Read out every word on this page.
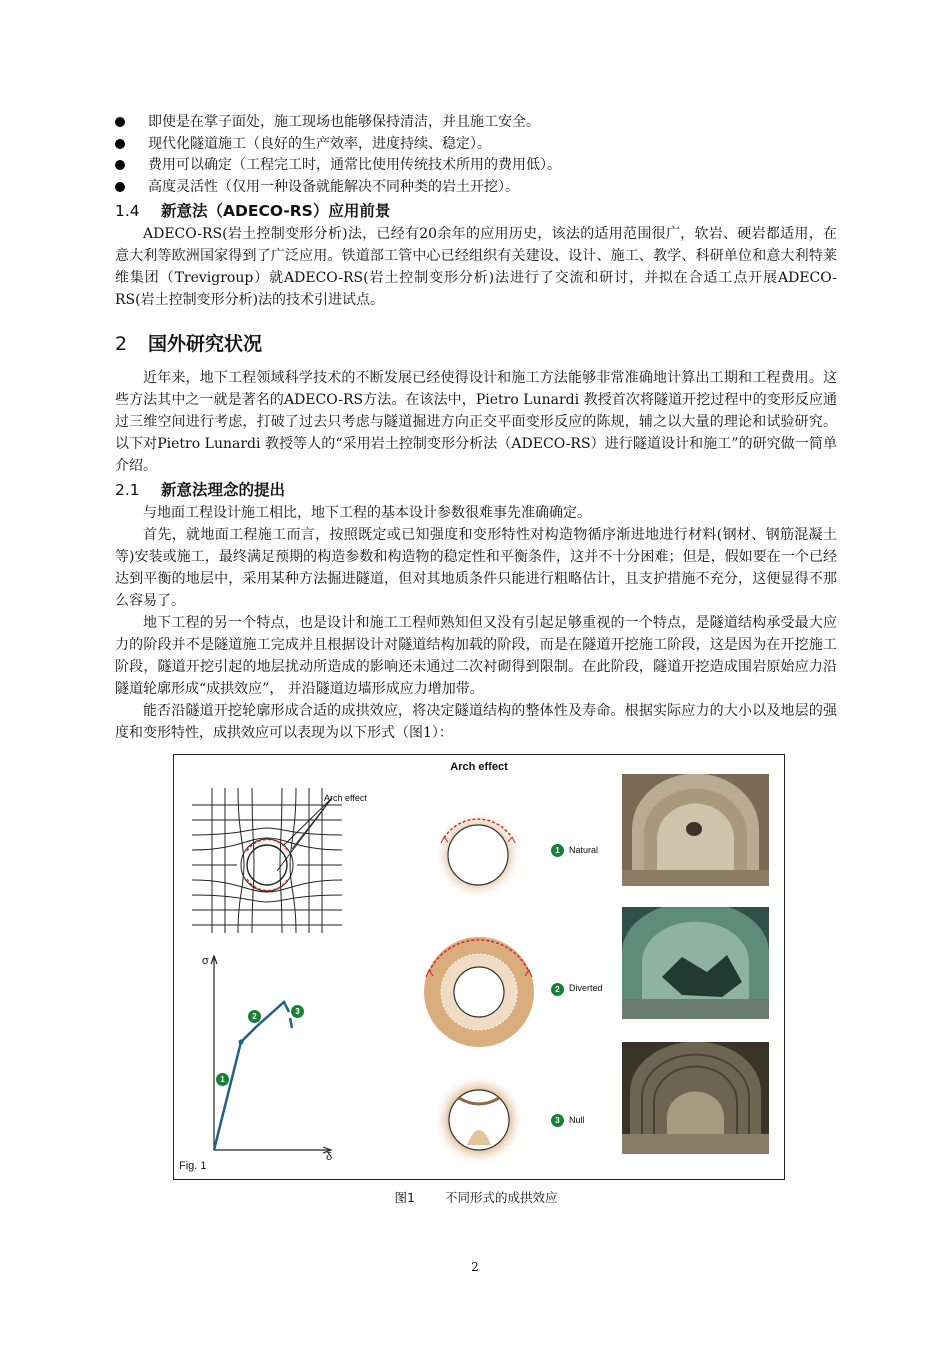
即使是在掌子面处，施工现场也能够保持清洁，并且施工安全。
现代化隧道施工（良好的生产效率，进度持续、稳定）。
费用可以确定（工程完工时，通常比使用传统技术所用的费用低）。
高度灵活性（仅用一种设备就能解决不同种类的岩土开挖）。
1.4 新意法（ADECO-RS）应用前景

ADECO-RS(岩土控制变形分析)法，已经有20余年的应用历史，该法的适用范围很广，软岩、硬岩都适用，在意大利等欧洲国家得到了广泛应用。铁道部工管中心已经组织有关建设、设计、施工、教学、科研单位和意大利特莱维集团（Trevigroup）就ADECO-RS(岩土控制变形分析)法进行了交流和研讨，并拟在合适工点开展ADECO-RS(岩土控制变形分析)法的技术引进试点。

2 国外研究状况

近年来，地下工程领域科学技术的不断发展已经使得设计和施工方法能够非常准确地计算出工期和工程费用。这些方法其中之一就是著名的ADECO-RS方法。在该法中，Pietro Lunardi 教授首次将隧道开挖过程中的变形反应通过三维空间进行考虑，打破了过去只考虑与隧道掘进方向正交平面变形反应的陈规，辅之以大量的理论和试验研究。以下对Pietro Lunardi 教授等人的“采用岩土控制变形分析法（ADECO-RS）进行隧道设计和施工”的研究做一简单介绍。

2.1 新意法理念的提出

与地面工程设计施工相比，地下工程的基本设计参数很难事先准确确定。

首先，就地面工程施工而言，按照既定或已知强度和变形特性对构造物循序渐进地进行材料(钢材、钢筋混凝土等)安装或施工，最终满足预期的构造参数和构造物的稳定性和平衡条件，这并不十分困难；但是，假如要在一个已经达到平衡的地层中，采用某种方法掘进隧道，但对其地质条件只能进行粗略估计，且支护措施不充分，这便显得不那么容易了。

地下工程的另一个特点，也是设计和施工工程师熟知但又没有引起足够重视的一个特点，是隧道结构承受最大应力的阶段并不是隧道施工完成并且根据设计对隧道结构加载的阶段，而是在隧道开挖施工阶段，这是因为在开挖施工阶段，隧道开挖引起的地层扰动所造成的影响还未通过二次衬砌得到限制。在此阶段，隧道开挖造成围岩原始应力沿隧道轮廓形成“成拱效应”， 并沿隧道边墙形成应力增加带。

能否沿隧道开挖轮廓形成合适的成拱效应，将决定隧道结构的整体性及寿命。根据实际应力的大小以及地层的强度和变形特性，成拱效应可以表现为以下形式（图1）：

Arch effect
Arch effect
σ
δ
1
2
3
Fig. 1
1	Natural
2	Diverted
3	Null
图1 不同形式的成拱效应
2
